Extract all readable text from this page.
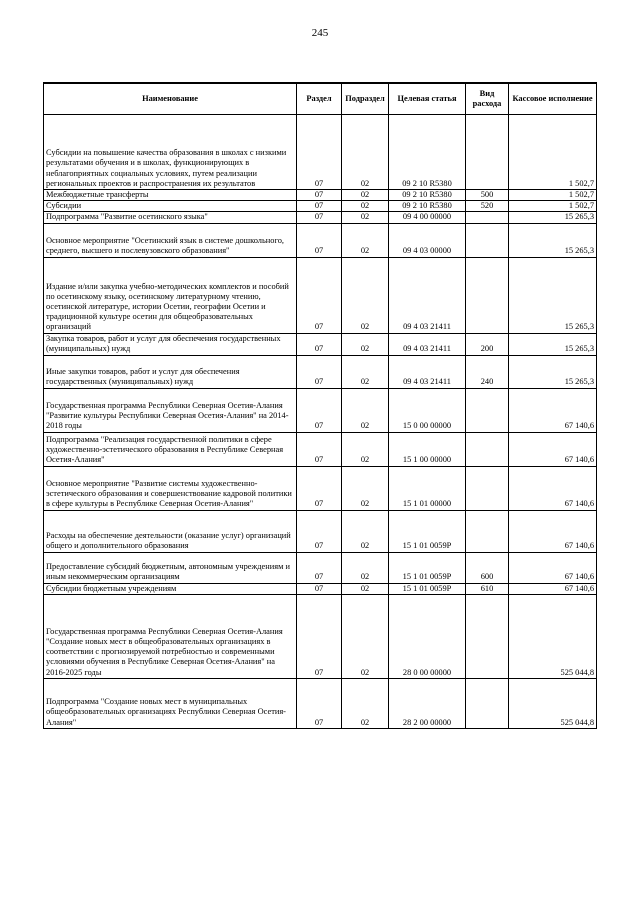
245
Наименование	Раздел	Подраздел	Целевая статья	Вид расхода	Кассовое исполнение
Субсидии на повышение качества образования в школах с низкими результатами обучения и в школах, функционирующих в неблагоприятных социальных условиях, путем реализации региональных проектов и распространения их результатов	07	02	09 2 10 R5380		1 502,7
Межбюджетные трансферты	07	02	09 2 10 R5380	500	1 502,7
Субсидии	07	02	09 2 10 R5380	520	1 502,7
Подпрограмма "Развитие осетинского языка"	07	02	09 4 00 00000		15 265,3
Основное мероприятие "Осетинский язык в системе дошкольного, среднего, высшего и послевузовского образования"	07	02	09 4 03 00000		15 265,3
Издание и/или закупка учебно-методических комплектов и пособий по осетинскому языку, осетинскому литературному чтению, осетинской литературе, истории Осетии, географии Осетии и традиционной культуре осетин для общеобразовательных организаций	07	02	09 4 03 21411		15 265,3
Закупка товаров, работ и услуг для обеспечения государственных (муниципальных) нужд	07	02	09 4 03 21411	200	15 265,3
Иные закупки товаров, работ и услуг для обеспечения государственных (муниципальных) нужд	07	02	09 4 03 21411	240	15 265,3
Государственная программа Республики Северная Осетия-Алания "Развитие культуры Республики Северная Осетия-Алания" на 2014-2018 годы	07	02	15 0 00 00000		67 140,6
Подпрограмма "Реализация государственной политики в сфере художественно-эстетического образования в Республике Северная Осетия-Алания"	07	02	15 1 00 00000		67 140,6
Основное мероприятие "Развитие системы художественно-эстетического образования и совершенствование кадровой политики в сфере культуры в Республике Северная Осетия-Алания"	07	02	15 1 01 00000		67 140,6
Расходы на обеспечение деятельности (оказание услуг) организаций общего и дополнительного образования	07	02	15 1 01 0059Р		67 140,6
Предоставление субсидий бюджетным, автономным учреждениям и иным некоммерческим организациям	07	02	15 1 01 0059Р	600	67 140,6
Субсидии бюджетным учреждениям	07	02	15 1 01 0059Р	610	67 140,6
Государственная программа Республики Северная Осетия-Алания "Создание новых мест в общеобразовательных организациях в соответствии с прогнозируемой потребностью и современными условиями обучения в Республике Северная Осетия-Алания" на 2016-2025 годы	07	02	28 0 00 00000		525 044,8
Подпрограмма "Создание новых мест в муниципальных общеобразовательных организациях Республики Северная Осетия-Алания"	07	02	28 2 00 00000		525 044,8
